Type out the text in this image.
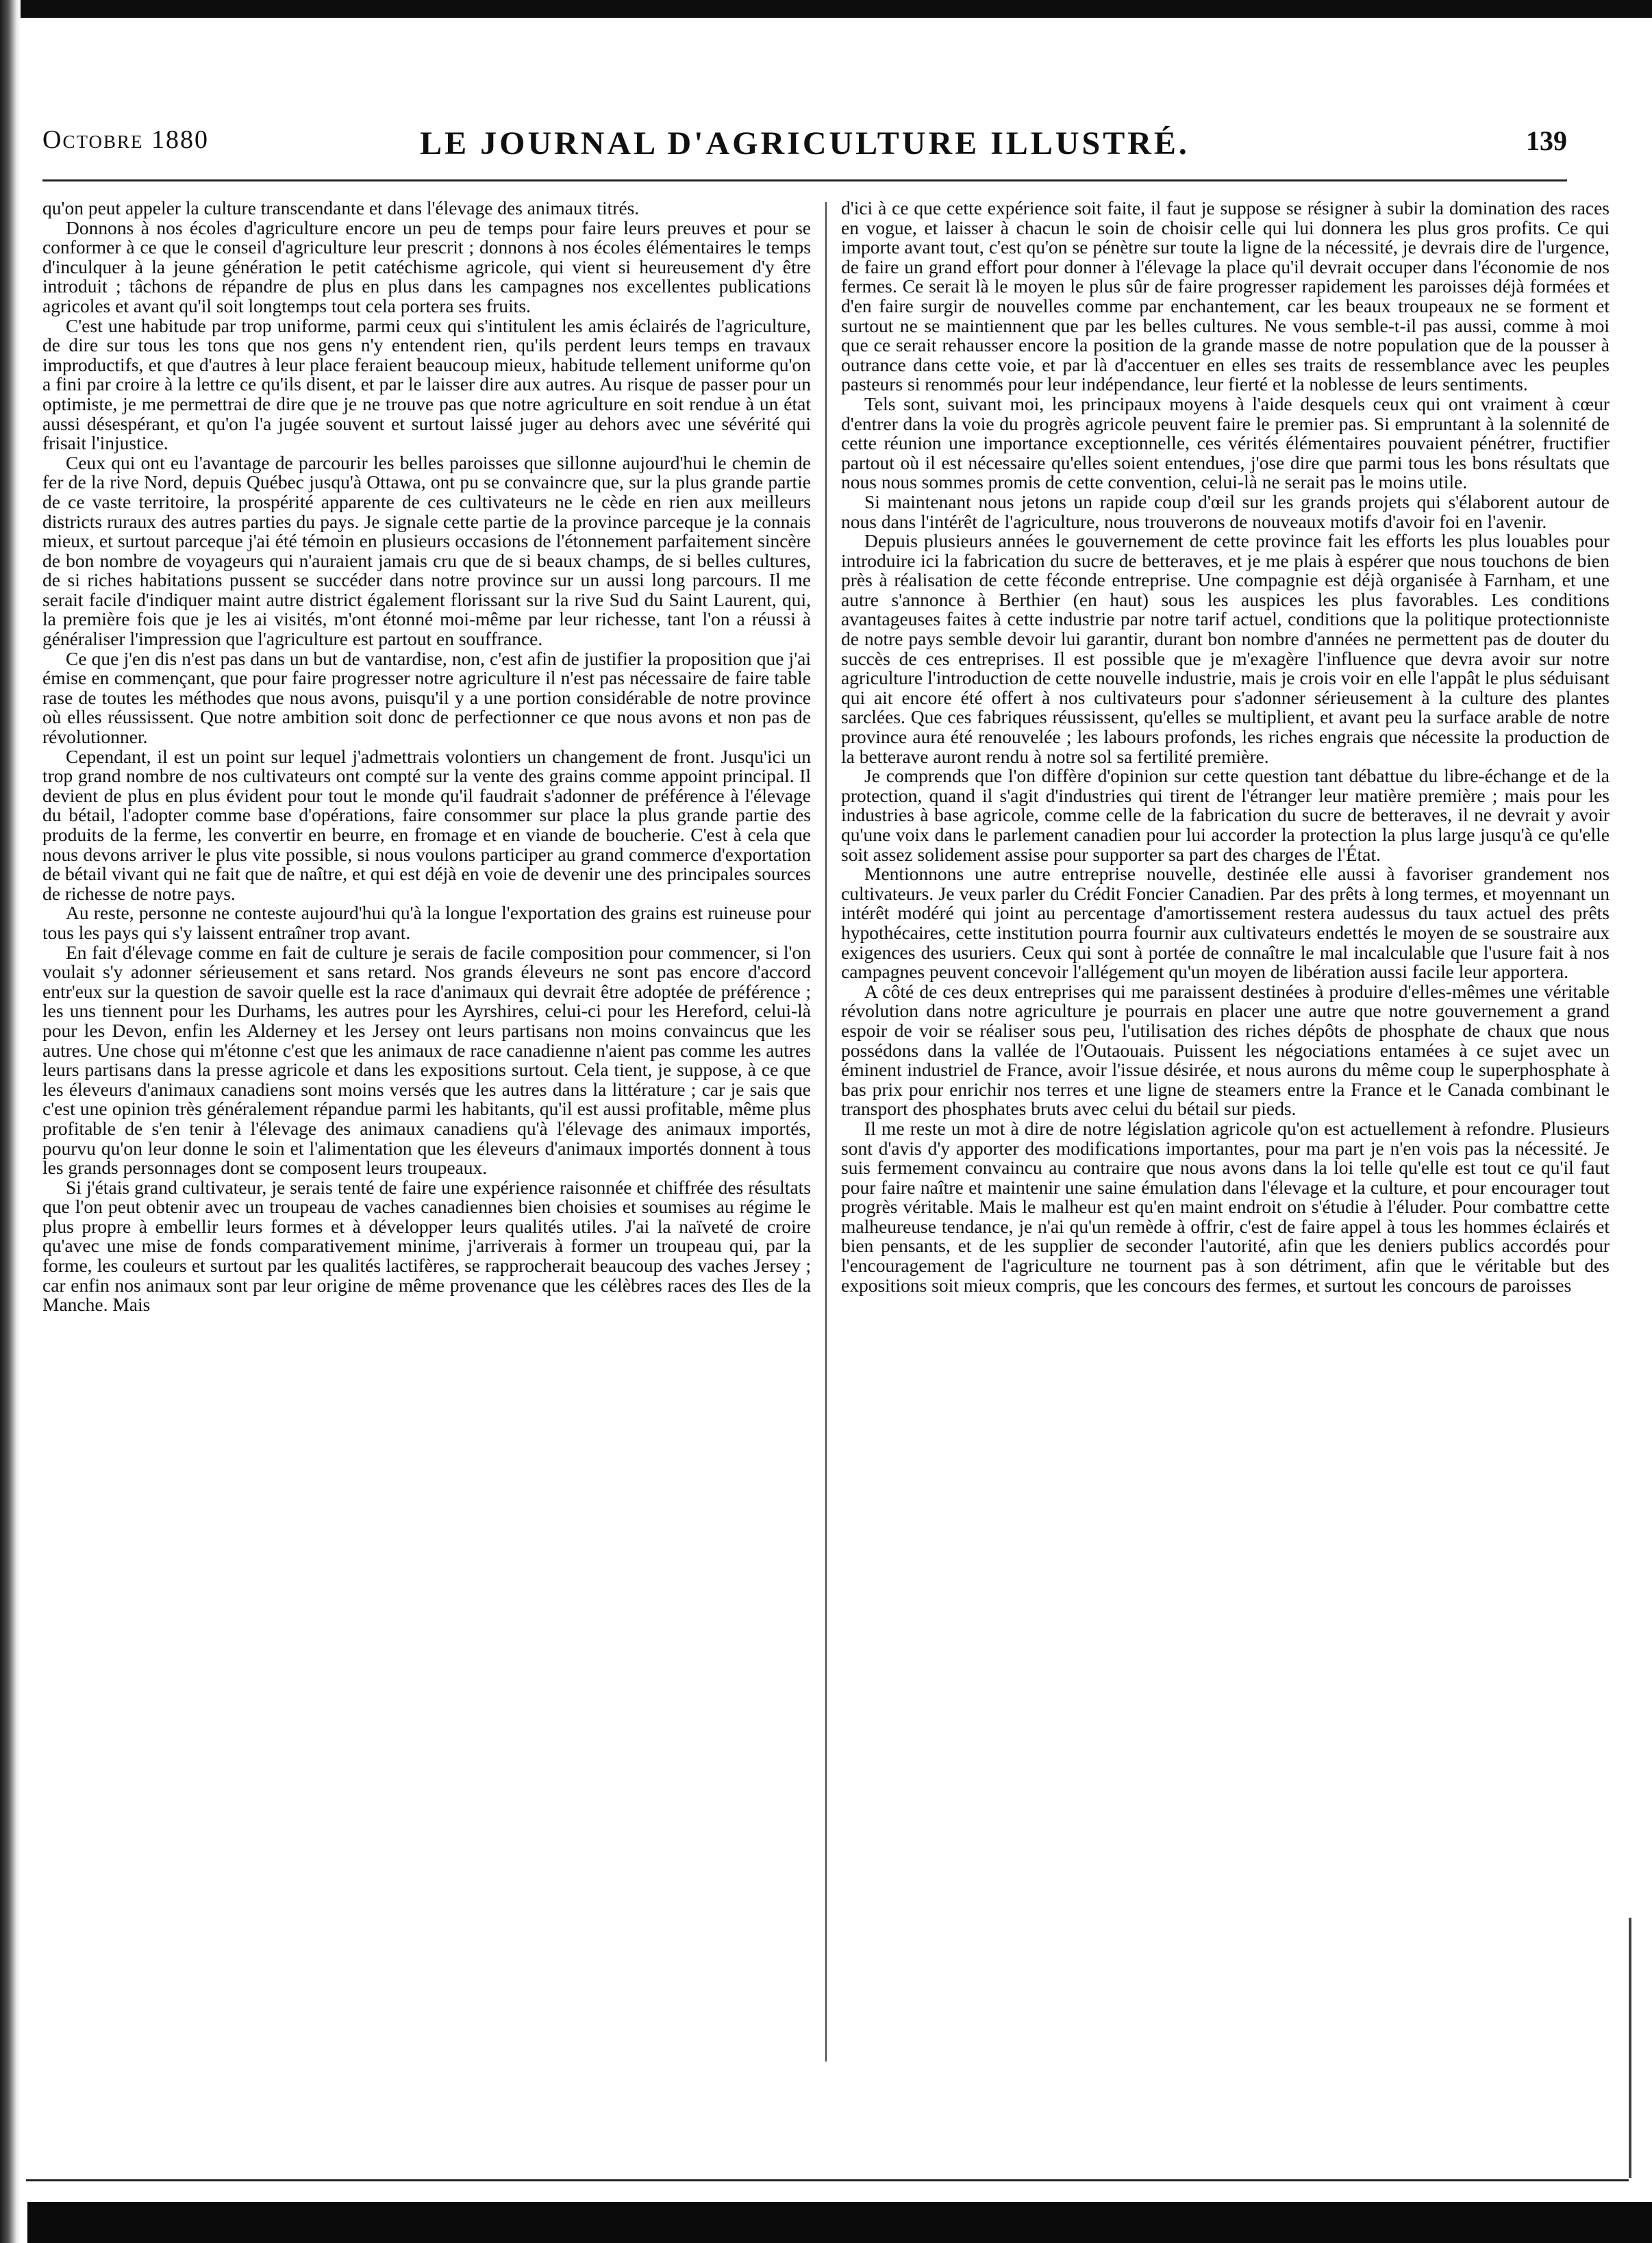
Octobre 1880	LE JOURNAL D'AGRICULTURE ILLUSTRÉ.	139

qu'on peut appeler la culture transcendante et dans l'élevage des animaux titrés.

Donnons à nos écoles d'agriculture encore un peu de temps pour faire leurs preuves et pour se conformer à ce que le conseil d'agriculture leur prescrit ; donnons à nos écoles élémentaires le temps d'inculquer à la jeune génération le petit catéchisme agricole, qui vient si heureusement d'y être introduit ; tâchons de répandre de plus en plus dans les campagnes nos excellentes publications agricoles et avant qu'il soit longtemps tout cela portera ses fruits.

C'est une habitude par trop uniforme, parmi ceux qui s'intitulent les amis éclairés de l'agriculture, de dire sur tous les tons que nos gens n'y entendent rien, qu'ils perdent leurs temps en travaux improductifs, et que d'autres à leur place feraient beaucoup mieux, habitude tellement uniforme qu'on a fini par croire à la lettre ce qu'ils disent, et par le laisser dire aux autres. Au risque de passer pour un optimiste, je me permettrai de dire que je ne trouve pas que notre agriculture en soit rendue à un état aussi désespérant, et qu'on l'a jugée souvent et surtout laissé juger au dehors avec une sévérité qui frisait l'injustice.

Ceux qui ont eu l'avantage de parcourir les belles paroisses que sillonne aujourd'hui le chemin de fer de la rive Nord, depuis Québec jusqu'à Ottawa, ont pu se convaincre que, sur la plus grande partie de ce vaste territoire, la prospérité apparente de ces cultivateurs ne le cède en rien aux meilleurs districts ruraux des autres parties du pays. Je signale cette partie de la province parceque je la connais mieux, et surtout parceque j'ai été témoin en plusieurs occasions de l'étonnement parfaitement sincère de bon nombre de voyageurs qui n'auraient jamais cru que de si beaux champs, de si belles cultures, de si riches habitations pussent se succéder dans notre province sur un aussi long parcours. Il me serait facile d'indiquer maint autre district également florissant sur la rive Sud du Saint Laurent, qui, la première fois que je les ai visités, m'ont étonné moi-même par leur richesse, tant l'on a réussi à généraliser l'impression que l'agriculture est partout en souffrance.

Ce que j'en dis n'est pas dans un but de vantardise, non, c'est afin de justifier la proposition que j'ai émise en commençant, que pour faire progresser notre agriculture il n'est pas nécessaire de faire table rase de toutes les méthodes que nous avons, puisqu'il y a une portion considérable de notre province où elles réussissent. Que notre ambition soit donc de perfectionner ce que nous avons et non pas de révolutionner.

Cependant, il est un point sur lequel j'admettrais volontiers un changement de front. Jusqu'ici un trop grand nombre de nos cultivateurs ont compté sur la vente des grains comme appoint principal. Il devient de plus en plus évident pour tout le monde qu'il faudrait s'adonner de préférence à l'élevage du bétail, l'adopter comme base d'opérations, faire consommer sur place la plus grande partie des produits de la ferme, les convertir en beurre, en fromage et en viande de boucherie. C'est à cela que nous devons arriver le plus vite possible, si nous voulons participer au grand commerce d'exportation de bétail vivant qui ne fait que de naître, et qui est déjà en voie de devenir une des principales sources de richesse de notre pays.

Au reste, personne ne conteste aujourd'hui qu'à la longue l'exportation des grains est ruineuse pour tous les pays qui s'y laissent entraîner trop avant.

En fait d'élevage comme en fait de culture je serais de facile composition pour commencer, si l'on voulait s'y adonner sérieusement et sans retard. Nos grands éleveurs ne sont pas encore d'accord entr'eux sur la question de savoir quelle est la race d'animaux qui devrait être adoptée de préférence ; les uns tiennent pour les Durhams, les autres pour les Ayrshires, celui-ci pour les Hereford, celui-là pour les Devon, enfin les Alderney et les Jersey ont leurs partisans non moins convaincus que les autres. Une chose qui m'étonne c'est que les animaux de race canadienne n'aient pas comme les autres leurs partisans dans la presse agricole et dans les expositions surtout. Cela tient, je suppose, à ce que les éleveurs d'animaux canadiens sont moins versés que les autres dans la littérature ; car je sais que c'est une opinion très généralement répandue parmi les habitants, qu'il est aussi profitable, même plus profitable de s'en tenir à l'élevage des animaux canadiens qu'à l'élevage des animaux importés, pourvu qu'on leur donne le soin et l'alimentation que les éleveurs d'animaux importés donnent à tous les grands personnages dont se composent leurs troupeaux.

Si j'étais grand cultivateur, je serais tenté de faire une expérience raisonnée et chiffrée des résultats que l'on peut obtenir avec un troupeau de vaches canadiennes bien choisies et soumises au régime le plus propre à embellir leurs formes et à développer leurs qualités utiles. J'ai la naïveté de croire qu'avec une mise de fonds comparativement minime, j'arriverais à former un troupeau qui, par la forme, les couleurs et surtout par les qualités lactifères, se rapprocherait beaucoup des vaches Jersey ; car enfin nos animaux sont par leur origine de même provenance que les célèbres races des Iles de la Manche. Mais

d'ici à ce que cette expérience soit faite, il faut je suppose se résigner à subir la domination des races en vogue, et laisser à chacun le soin de choisir celle qui lui donnera les plus gros profits. Ce qui importe avant tout, c'est qu'on se pénètre sur toute la ligne de la nécessité, je devrais dire de l'urgence, de faire un grand effort pour donner à l'élevage la place qu'il devrait occuper dans l'économie de nos fermes. Ce serait là le moyen le plus sûr de faire progresser rapidement les paroisses déjà formées et d'en faire surgir de nouvelles comme par enchantement, car les beaux troupeaux ne se forment et surtout ne se maintiennent que par les belles cultures. Ne vous semble-t-il pas aussi, comme à moi que ce serait rehausser encore la position de la grande masse de notre population que de la pousser à outrance dans cette voie, et par là d'accentuer en elles ses traits de ressemblance avec les peuples pasteurs si renommés pour leur indépendance, leur fierté et la noblesse de leurs sentiments.

Tels sont, suivant moi, les principaux moyens à l'aide desquels ceux qui ont vraiment à cœur d'entrer dans la voie du progrès agricole peuvent faire le premier pas. Si empruntant à la solennité de cette réunion une importance exceptionnelle, ces vérités élémentaires pouvaient pénétrer, fructifier partout où il est nécessaire qu'elles soient entendues, j'ose dire que parmi tous les bons résultats que nous nous sommes promis de cette convention, celui-là ne serait pas le moins utile.

Si maintenant nous jetons un rapide coup d'œil sur les grands projets qui s'élaborent autour de nous dans l'intérêt de l'agriculture, nous trouverons de nouveaux motifs d'avoir foi en l'avenir.

Depuis plusieurs années le gouvernement de cette province fait les efforts les plus louables pour introduire ici la fabrication du sucre de betteraves, et je me plais à espérer que nous touchons de bien près à réalisation de cette féconde entreprise. Une compagnie est déjà organisée à Farnham, et une autre s'annonce à Berthier (en haut) sous les auspices les plus favorables. Les conditions avantageuses faites à cette industrie par notre tarif actuel, conditions que la politique protectionniste de notre pays semble devoir lui garantir, durant bon nombre d'années ne permettent pas de douter du succès de ces entreprises. Il est possible que je m'exagère l'influence que devra avoir sur notre agriculture l'introduction de cette nouvelle industrie, mais je crois voir en elle l'appât le plus séduisant qui ait encore été offert à nos cultivateurs pour s'adonner sérieusement à la culture des plantes sarclées. Que ces fabriques réussissent, qu'elles se multiplient, et avant peu la surface arable de notre province aura été renouvelée ; les labours profonds, les riches engrais que nécessite la production de la betterave auront rendu à notre sol sa fertilité première.

Je comprends que l'on diffère d'opinion sur cette question tant débattue du libre-échange et de la protection, quand il s'agit d'industries qui tirent de l'étranger leur matière première ; mais pour les industries à base agricole, comme celle de la fabrication du sucre de betteraves, il ne devrait y avoir qu'une voix dans le parlement canadien pour lui accorder la protection la plus large jusqu'à ce qu'elle soit assez solidement assise pour supporter sa part des charges de l'État.

Mentionnons une autre entreprise nouvelle, destinée elle aussi à favoriser grandement nos cultivateurs. Je veux parler du Crédit Foncier Canadien. Par des prêts à long termes, et moyennant un intérêt modéré qui joint au percentage d'amortissement restera audessus du taux actuel des prêts hypothécaires, cette institution pourra fournir aux cultivateurs endettés le moyen de se soustraire aux exigences des usuriers. Ceux qui sont à portée de connaître le mal incalculable que l'usure fait à nos campagnes peuvent concevoir l'allégement qu'un moyen de libération aussi facile leur apportera.

A côté de ces deux entreprises qui me paraissent destinées à produire d'elles-mêmes une véritable révolution dans notre agriculture je pourrais en placer une autre que notre gouvernement a grand espoir de voir se réaliser sous peu, l'utilisation des riches dépôts de phosphate de chaux que nous possédons dans la vallée de l'Outaouais. Puissent les négociations entamées à ce sujet avec un éminent industriel de France, avoir l'issue désirée, et nous aurons du même coup le superphosphate à bas prix pour enrichir nos terres et une ligne de steamers entre la France et le Canada combinant le transport des phosphates bruts avec celui du bétail sur pieds.

Il me reste un mot à dire de notre législation agricole qu'on est actuellement à refondre. Plusieurs sont d'avis d'y apporter des modifications importantes, pour ma part je n'en vois pas la nécessité. Je suis fermement convaincu au contraire que nous avons dans la loi telle qu'elle est tout ce qu'il faut pour faire naître et maintenir une saine émulation dans l'élevage et la culture, et pour encourager tout progrès véritable. Mais le malheur est qu'en maint endroit on s'étudie à l'éluder. Pour combattre cette malheureuse tendance, je n'ai qu'un remède à offrir, c'est de faire appel à tous les hommes éclairés et bien pensants, et de les supplier de seconder l'autorité, afin que les deniers publics accordés pour l'encouragement de l'agriculture ne tournent pas à son détriment, afin que le véritable but des expositions soit mieux compris, que les concours des fermes, et surtout les concours de paroisses
